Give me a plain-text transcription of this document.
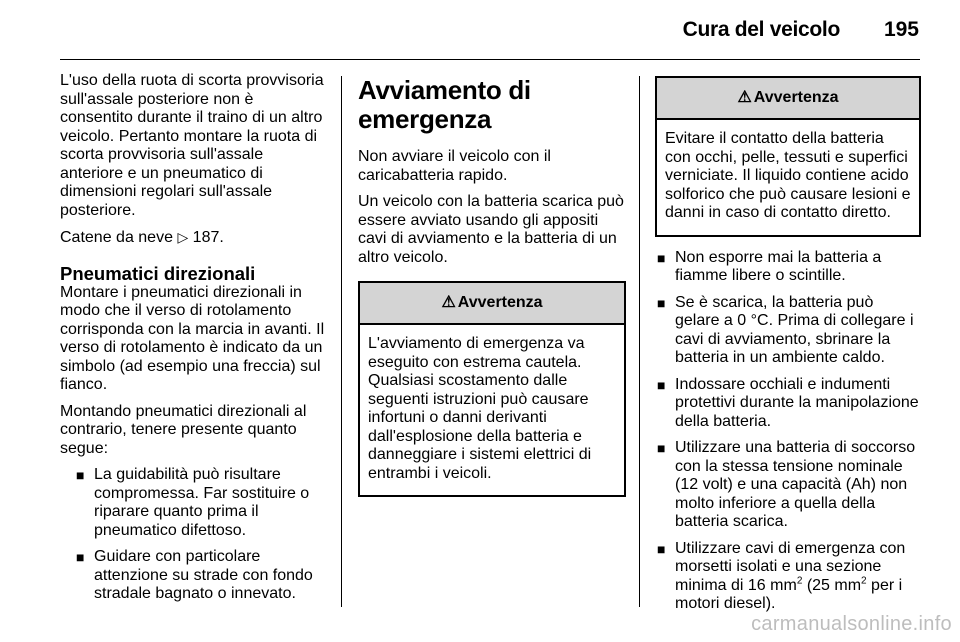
Cura del veicolo 195

L'uso della ruota di scorta provvisoria sull'assale posteriore non è consentito durante il traino di un altro veicolo. Pertanto montare la ruota di scorta provvisoria sull'assale anteriore e un pneumatico di dimensioni regolari sull'assale posteriore.

Catene da neve ▷ 187.

Pneumatici direzionali

Montare i pneumatici direzionali in modo che il verso di rotolamento corrisponda con la marcia in avanti. Il verso di rotolamento è indicato da un simbolo (ad esempio una freccia) sul fianco.

Montando pneumatici direzionali al contrario, tenere presente quanto segue:

■ La guidabilità può risultare compromessa. Far sostituire o riparare quanto prima il pneumatico difettoso.
■ Guidare con particolare attenzione su strade con fondo stradale bagnato o innevato.
Avviamento di emergenza

Non avviare il veicolo con il caricabatteria rapido.

Un veicolo con la batteria scarica può essere avviato usando gli appositi cavi di avviamento e la batteria di un altro veicolo.

⚠ Avvertenza
L'avviamento di emergenza va eseguito con estrema cautela. Qualsiasi scostamento dalle seguenti istruzioni può causare infortuni o danni derivanti dall'esplosione della batteria e danneggiare i sistemi elettrici di entrambi i veicoli.
⚠ Avvertenza
Evitare il contatto della batteria con occhi, pelle, tessuti e superfici verniciate. Il liquido contiene acido solforico che può causare lesioni e danni in caso di contatto diretto.
■ Non esporre mai la batteria a fiamme libere o scintille.
■ Se è scarica, la batteria può gelare a 0 °C. Prima di collegare i cavi di avviamento, sbrinare la batteria in un ambiente caldo.
■ Indossare occhiali e indumenti protettivi durante la manipolazione della batteria.
■ Utilizzare una batteria di soccorso con la stessa tensione nominale (12 volt) e una capacità (Ah) non molto inferiore a quella della batteria scarica.
■ Utilizzare cavi di emergenza con morsetti isolati e una sezione minima di 16 $mm^2$ (25 $mm^2$ per i motori diesel).
carmanualsonline.info
